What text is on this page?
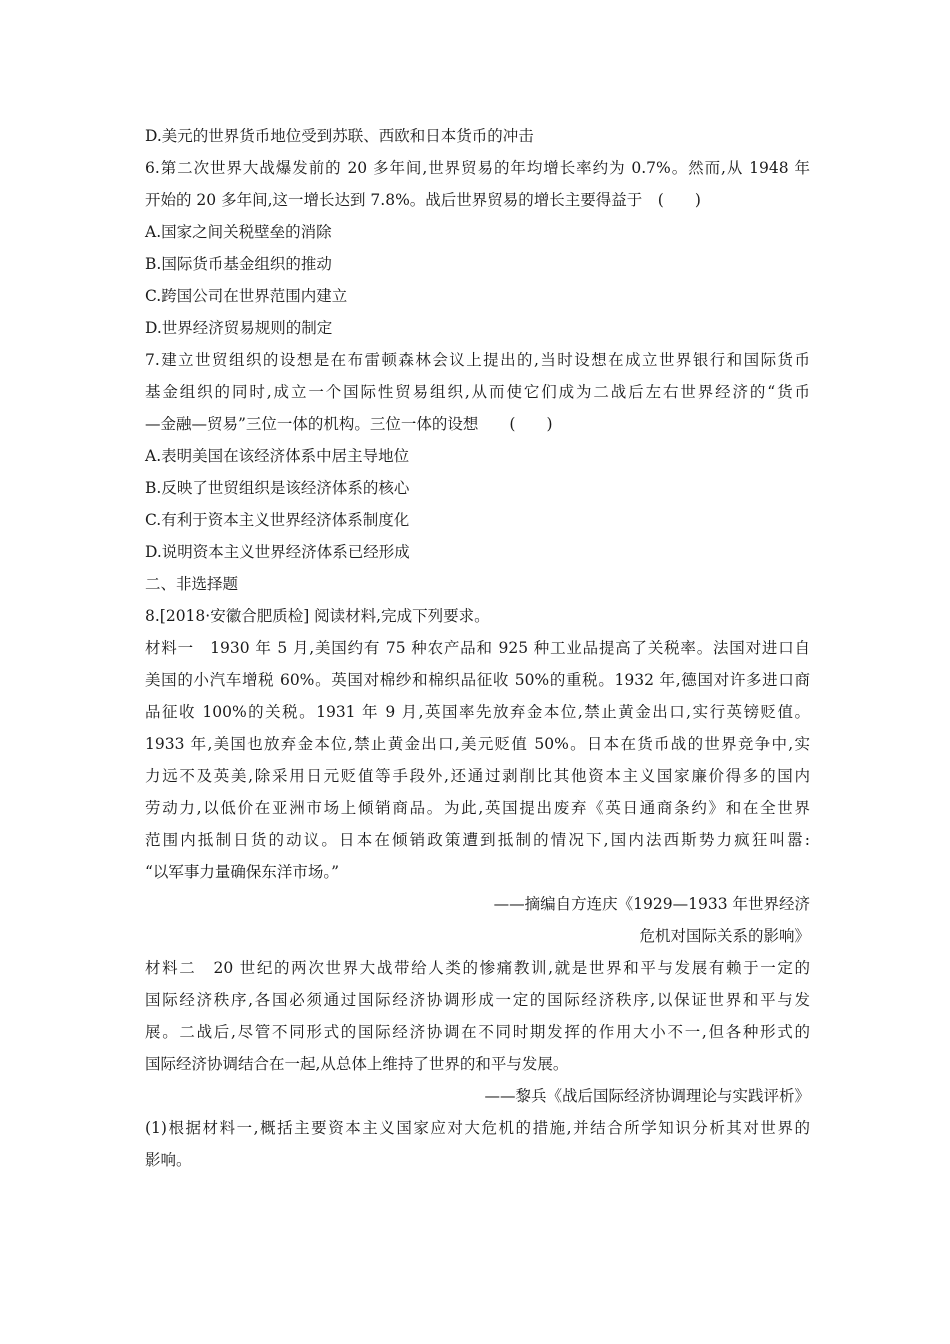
D.美元的世界货币地位受到苏联、西欧和日本货币的冲击
6.第二次世界大战爆发前的 20 多年间,世界贸易的年均增长率约为 0.7%。然而,从 1948 年
开始的 20 多年间,这一增长达到 7.8%。战后世界贸易的增长主要得益于　(　　)
A.国家之间关税壁垒的消除
B.国际货币基金组织的推动
C.跨国公司在世界范围内建立
D.世界经济贸易规则的制定
7.建立世贸组织的设想是在布雷顿森林会议上提出的,当时设想在成立世界银行和国际货币
基金组织的同时,成立一个国际性贸易组织,从而使它们成为二战后左右世界经济的“货币
—金融—贸易”三位一体的机构。三位一体的设想　　(　　)
A.表明美国在该经济体系中居主导地位
B.反映了世贸组织是该经济体系的核心
C.有利于资本主义世界经济体系制度化
D.说明资本主义世界经济体系已经形成
二、非选择题
8.[2018·安徽合肥质检] 阅读材料,完成下列要求。
材料一　1930 年 5 月,美国约有 75 种农产品和 925 种工业品提高了关税率。法国对进口自
美国的小汽车增税 60%。英国对棉纱和棉织品征收 50%的重税。1932 年,德国对许多进口商
品征收 100%的关税。1931 年 9 月,英国率先放弃金本位,禁止黄金出口,实行英镑贬值。
1933 年,美国也放弃金本位,禁止黄金出口,美元贬值 50%。日本在货币战的世界竞争中,实
力远不及英美,除采用日元贬值等手段外,还通过剥削比其他资本主义国家廉价得多的国内
劳动力,以低价在亚洲市场上倾销商品。为此,英国提出废弃《英日通商条约》和在全世界
范围内抵制日货的动议。日本在倾销政策遭到抵制的情况下,国内法西斯势力疯狂叫嚣:
“以军事力量确保东洋市场。”
——摘编自方连庆《1929—1933 年世界经济
危机对国际关系的影响》
材料二　20 世纪的两次世界大战带给人类的惨痛教训,就是世界和平与发展有赖于一定的
国际经济秩序,各国必须通过国际经济协调形成一定的国际经济秩序,以保证世界和平与发
展。二战后,尽管不同形式的国际经济协调在不同时期发挥的作用大小不一,但各种形式的
国际经济协调结合在一起,从总体上维持了世界的和平与发展。
——黎兵《战后国际经济协调理论与实践评析》
(1)根据材料一,概括主要资本主义国家应对大危机的措施,并结合所学知识分析其对世界的
影响。
